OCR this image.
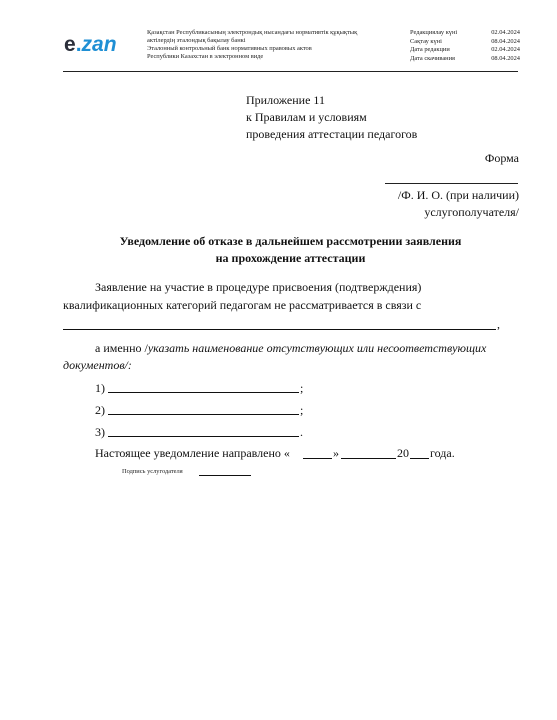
e.zan
Қазақстан Республикасының электрондық нысандағы нормативтік құқықтық
актілердің эталондық бақылау банкі
Эталонный контрольный банк нормативных правовых актов
Республики Казахстан в электронном виде
Редакциялау күні	02.04.2024
Сақтау күні	08.04.2024
Дата редакции	02.04.2024
Дата скачивания	08.04.2024
Приложение 11
к Правилам и условиям
проведения аттестации педагогов
Форма
/Ф. И. О. (при наличии)
услугополучателя/
Уведомление об отказе в дальнейшем рассмотрении заявления
на прохождение аттестации
Заявление на участие в процедуре присвоения (подтверждения)
квалификационных категорий педагогам не рассматривается в связи с
,
а именно /указать наименование отсутствующих или несоответствующих
документов/:
1)	;
2)	;
3)	.
Настоящее уведомление направлено «	»	20 года.
Подпись услугодателя
